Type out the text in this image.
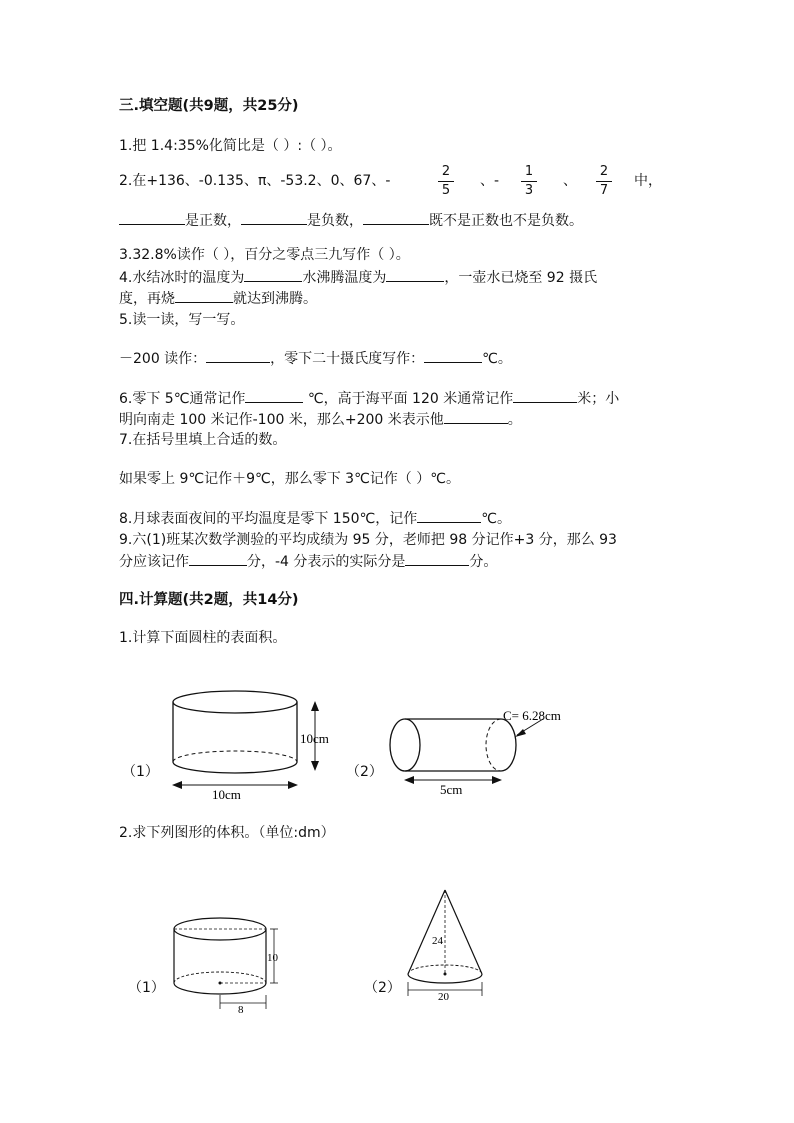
三.填空题(共9题，共25分)
1.把 1.4:35%化简比是（ ）:（ ）。
2.在+136、-0.135、π、-53.2、0、67、-	$\frac{2}{5}$ 、- $\frac{1}{3}$ 、 $\frac{2}{7}$ 中，
是正数，	是负数，	既不是正数也不是负数。
3.32.8%读作（ ），百分之零点三九写作（ ）。
4.水结冰时的温度为	水沸腾温度为	，一壶水已烧至 92 摄氏
度，再烧	就达到沸腾。
5.读一读，写一写。
－200 读作：	，零下二十摄氏度写作：	℃。
6.零下 5℃通常记作	℃，高于海平面 120 米通常记作	米；小
明向南走 100 米记作-100 米，那么+200 米表示他	。
7.在括号里填上合适的数。
如果零上 9℃记作＋9℃，那么零下 3℃记作（ ）℃。
8.月球表面夜间的平均温度是零下 150℃，记作	℃。
9.六(1)班某次数学测验的平均成绩为 95 分，老师把 98 分记作+3 分，那么 93
分应该记作	分，-4 分表示的实际分是	分。
四.计算题(共2题，共14分)
1.计算下面圆柱的表面积。
（1）
10cm
10cm
（2）
C= 6.28cm
5cm
2.求下列图形的体积。（单位:dm）
（1）
10
8
（2）
24
20
